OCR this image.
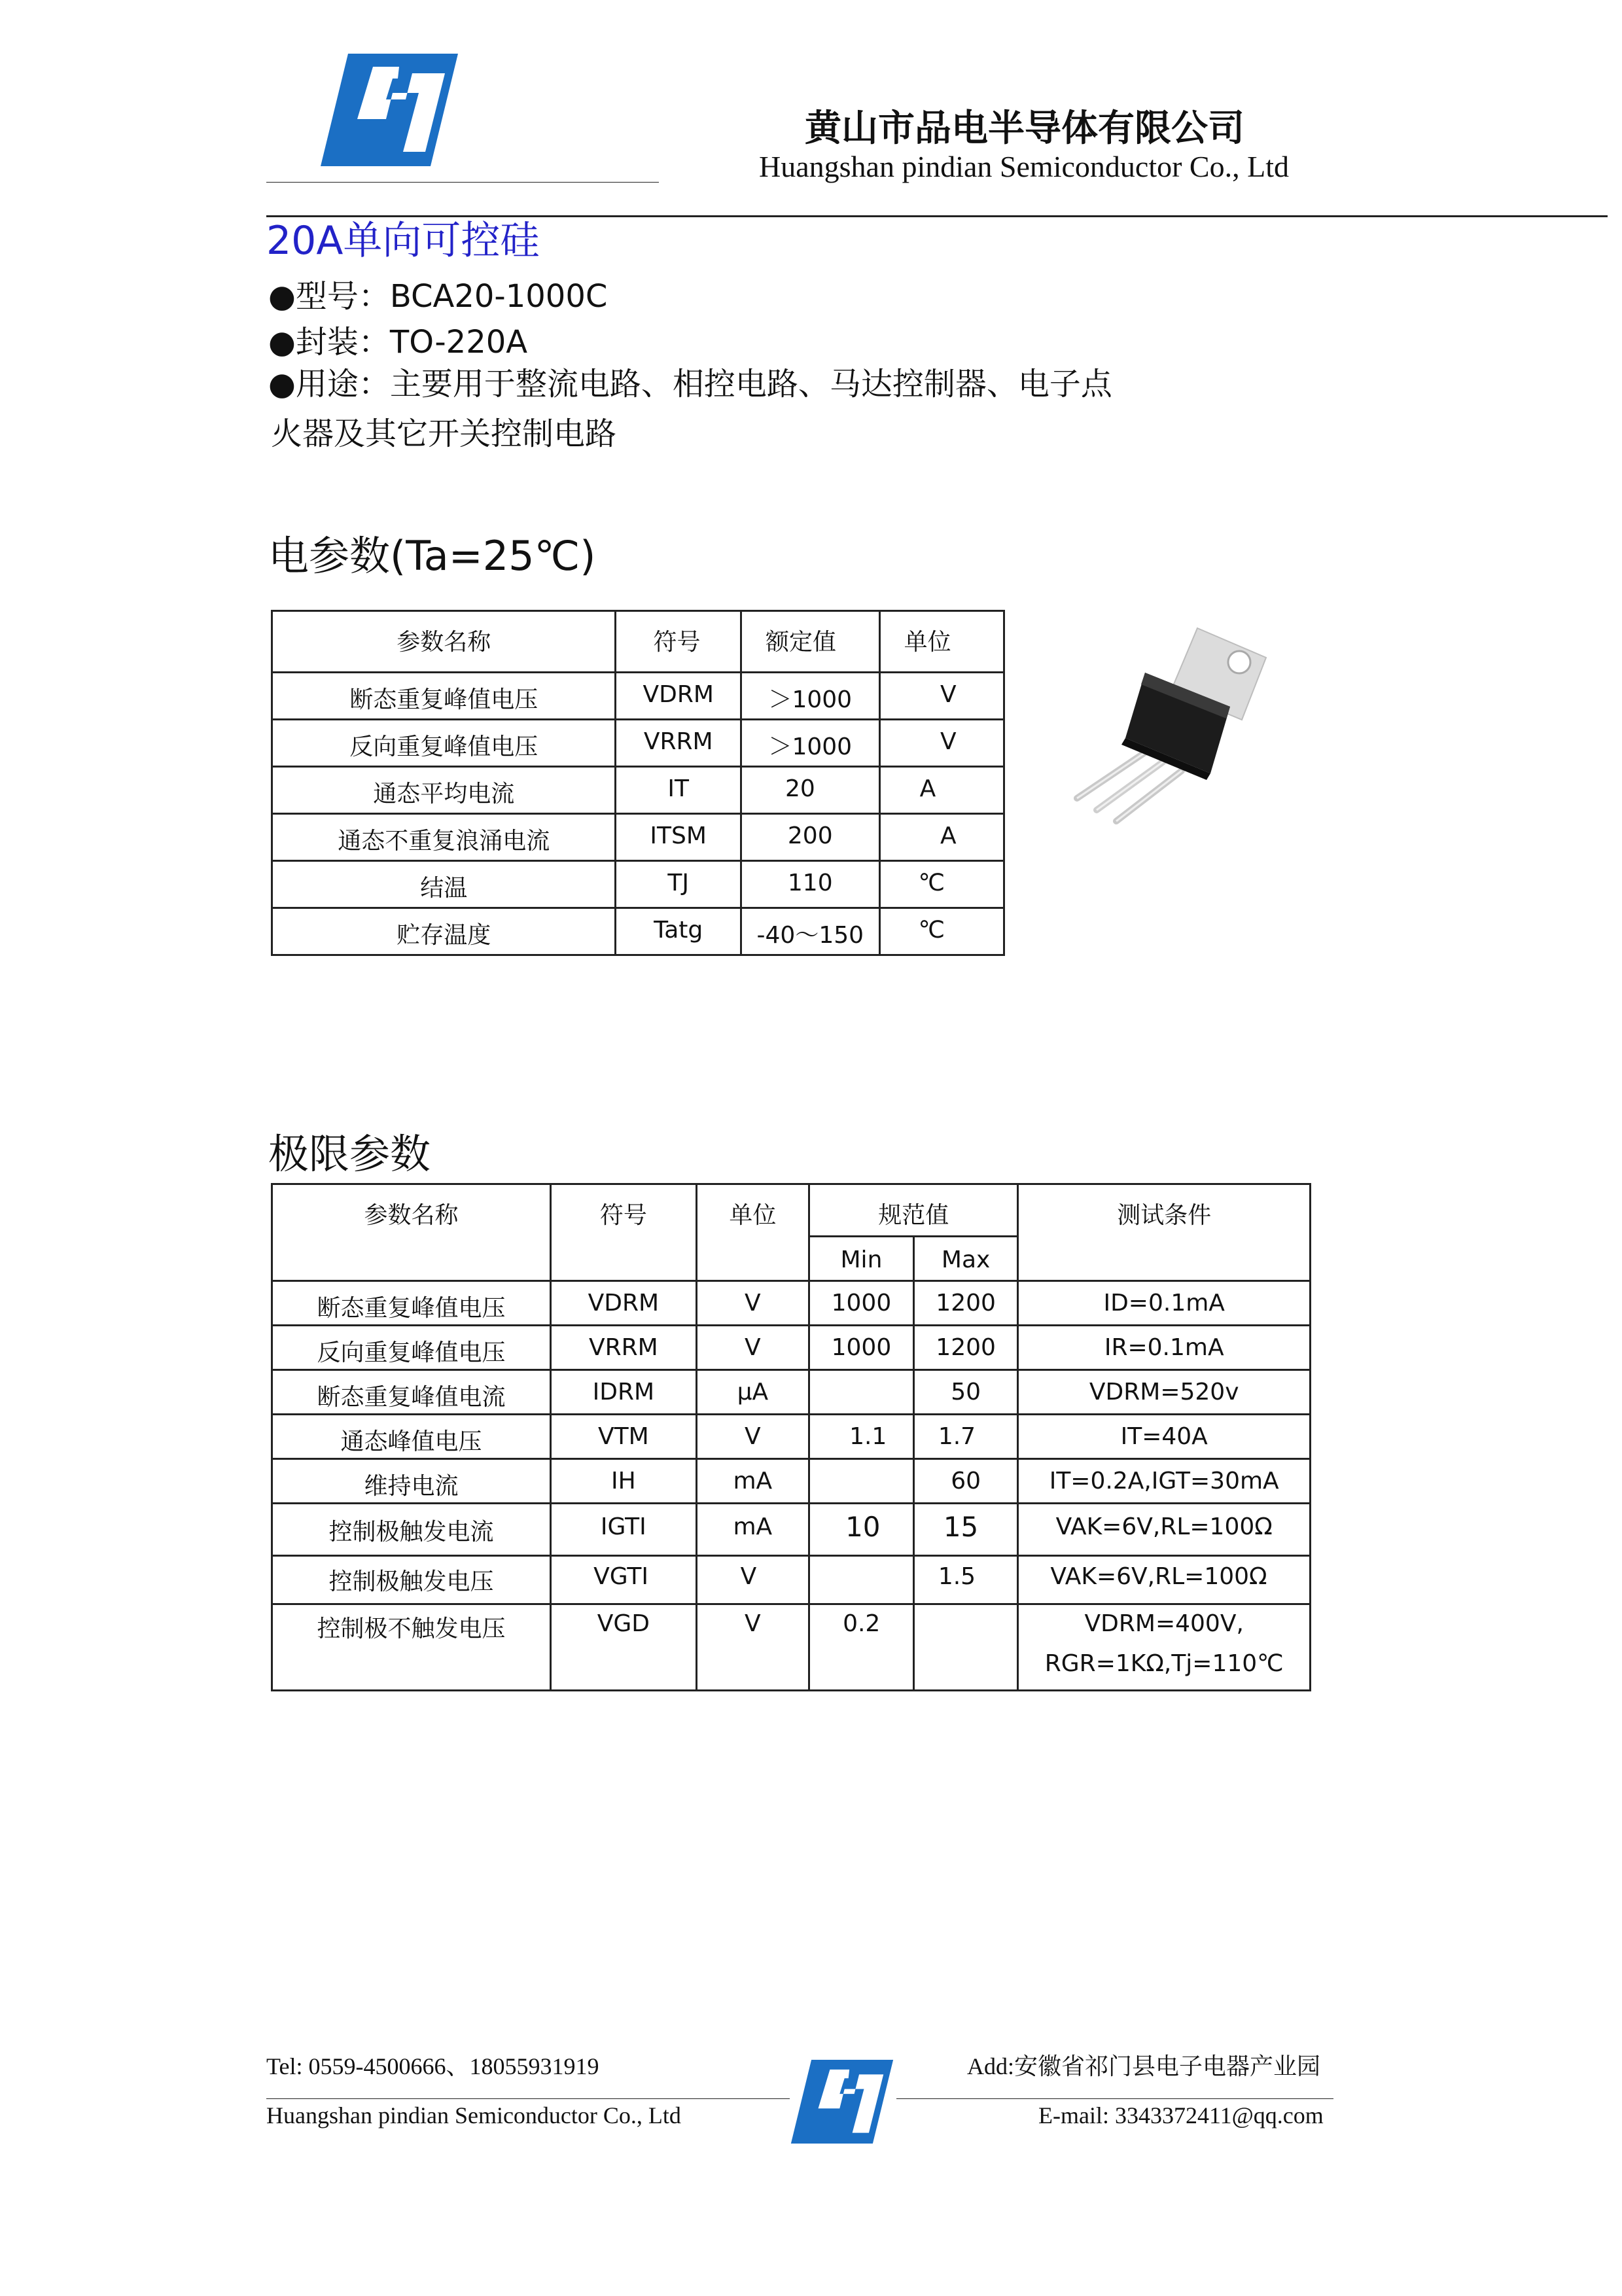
黄山市品电半导体有限公司
Huangshan pindian Semiconductor Co., Ltd
20A单向可控硅
●型号：BCA20-1000C
●封装：TO-220A
●用途：主要用于整流电路、相控电路、马达控制器、电子点
火器及其它开关控制电路
电参数(Ta=25℃)
参数名称	符号	额定值	单位

断态重复峰值电压	VDRM	＞1000	V

反向重复峰值电压	VRRM	＞1000	V

通态平均电流	IT	20	A

通态不重复浪涌电流	ITSM	200	A

结温	TJ	110	℃

贮存温度	Tatg	-40～150	℃
极限参数
参数名称	符号	单位	规范值		测试条件

			Min	Max	

断态重复峰值电压	VDRM	V	1000	1200	ID=0.1mA

反向重复峰值电压	VRRM	V	1000	1200	IR=0.1mA

断态重复峰值电流	IDRM	μA		50	VDRM=520v

通态峰值电压	VTM	V	1.1	1.7	IT=40A

维持电流	IH	mA		60	IT=0.2A,IGT=30mA

控制极触发电流	IGTI	mA	10	15	VAK=6V,RL=100Ω

控制极触发电压	VGTI	V		1.5	VAK=6V,RL=100Ω

控制极不触发电压	VGD	V	0.2		VDRM=400V,
RGR=1KΩ,Tj=110℃
Tel: 0559-4500666、18055931919	Add:安徽省祁门县电子电器产业园
Huangshan pindian Semiconductor Co., Ltd	E-mail: 3343372411@qq.com
